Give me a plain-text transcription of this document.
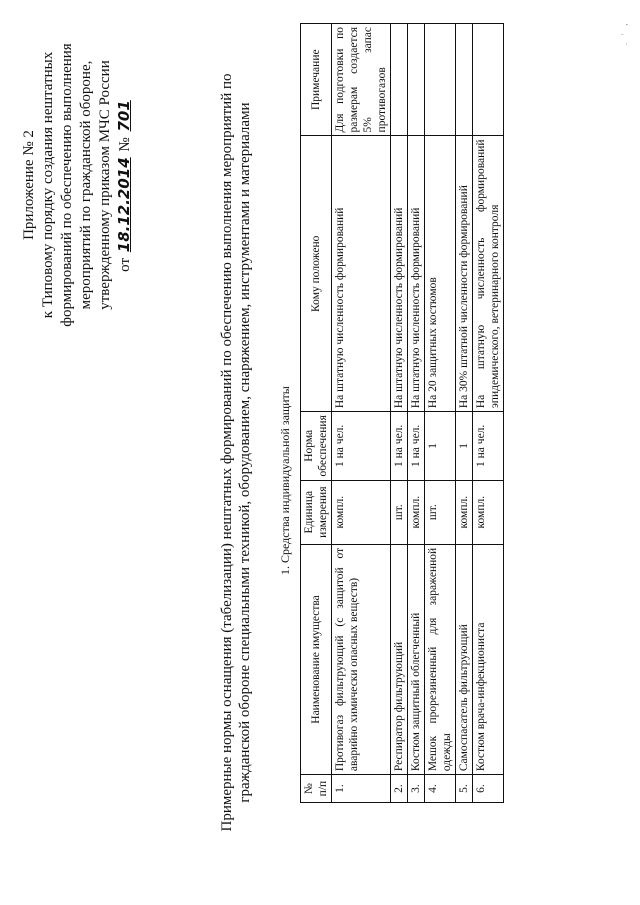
Приложение № 2 к Типовому порядку создания нештатных формирований по обеспечению выполнения мероприятий по гражданской обороне, утвержденному приказом МЧС России от 18.12.2014 № 701	Примерные нормы оснащения (табелизации) нештатных формирований по обеспечению выполнения мероприятий по гражданской обороне специальными техникой, оборудованием, снаряжением, инструментами и материалами 1. Средства индивидуальной защиты
№ п/п	Наименование имущества	Единица измерения	Норма обеспечения	Кому положено	Примечание
1.	Противогаз фильтрующий (с защитой от аварийно химически опасных веществ)	компл.	1 на чел.	На штатную численность формирований	Для подготовки по размерам создается 5% запас противогазов
2.	Респиратор фильтрующий	шт.	1 на чел.	На штатную численность формирований	
3.	Костюм защитный облегченный	компл.	1 на чел.	На штатную численность формирований	
4.	Мешок прорезиненный для зараженной одежды	шт.	1	На 20 защитных костюмов	
5.	Самоспасатель фильтрующий	компл.	1	На 30% штатной численности формирований	
6.	Костюм врача-инфекциониста	компл.	1 на чел.	На штатную численность формирований эпидемического, ветеринарного контроля	
. ' ,
